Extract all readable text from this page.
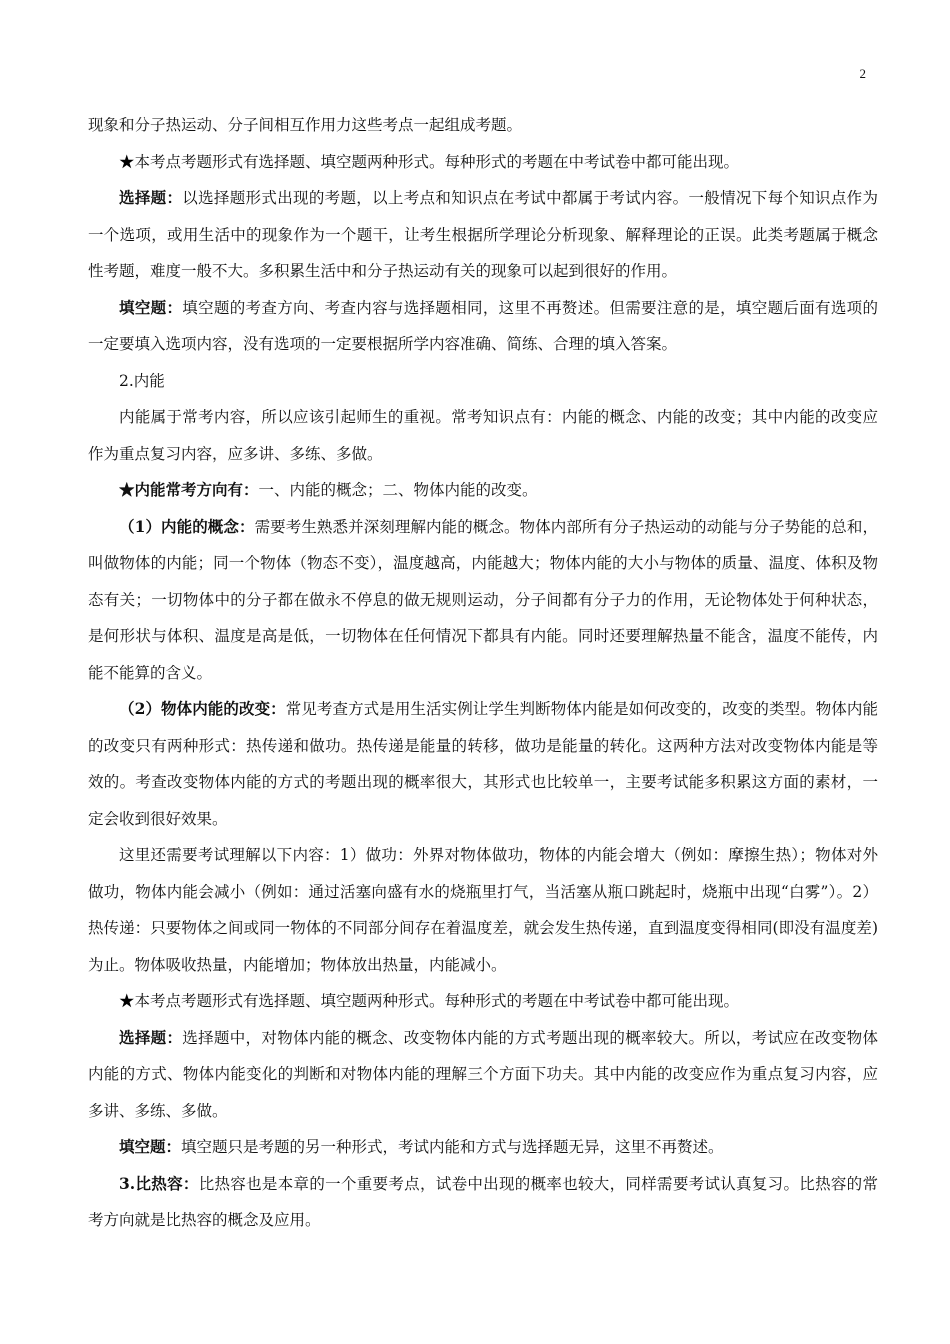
2

现象和分子热运动、分子间相互作用力这些考点一起组成考题。

★本考点考题形式有选择题、填空题两种形式。每种形式的考题在中考试卷中都可能出现。

选择题：以选择题形式出现的考题，以上考点和知识点在考试中都属于考试内容。一般情况下每个知识点作为一个选项，或用生活中的现象作为一个题干，让考生根据所学理论分析现象、解释理论的正误。此类考题属于概念性考题，难度一般不大。多积累生活中和分子热运动有关的现象可以起到很好的作用。

填空题：填空题的考查方向、考查内容与选择题相同，这里不再赘述。但需要注意的是，填空题后面有选项的一定要填入选项内容，没有选项的一定要根据所学内容准确、简练、合理的填入答案。

2.内能

内能属于常考内容，所以应该引起师生的重视。常考知识点有：内能的概念、内能的改变；其中内能的改变应作为重点复习内容，应多讲、多练、多做。

★内能常考方向有：一、内能的概念；二、物体内能的改变。

（1）内能的概念：需要考生熟悉并深刻理解内能的概念。物体内部所有分子热运动的动能与分子势能的总和，叫做物体的内能；同一个物体（物态不变），温度越高，内能越大；物体内能的大小与物体的质量、温度、体积及物态有关；一切物体中的分子都在做永不停息的做无规则运动，分子间都有分子力的作用，无论物体处于何种状态，是何形状与体积、温度是高是低，一切物体在任何情况下都具有内能。同时还要理解热量不能含，温度不能传，内能不能算的含义。

（2）物体内能的改变：常见考查方式是用生活实例让学生判断物体内能是如何改变的，改变的类型。物体内能的改变只有两种形式：热传递和做功。热传递是能量的转移，做功是能量的转化。这两种方法对改变物体内能是等效的。考查改变物体内能的方式的考题出现的概率很大，其形式也比较单一，主要考试能多积累这方面的素材，一定会收到很好效果。

这里还需要考试理解以下内容：1）做功：外界对物体做功，物体的内能会增大（例如：摩擦生热）；物体对外做功，物体内能会减小（例如：通过活塞向盛有水的烧瓶里打气，当活塞从瓶口跳起时，烧瓶中出现“白雾”）。2）热传递：只要物体之间或同一物体的不同部分间存在着温度差，就会发生热传递，直到温度变得相同(即没有温度差)为止。物体吸收热量，内能增加；物体放出热量，内能减小。

★本考点考题形式有选择题、填空题两种形式。每种形式的考题在中考试卷中都可能出现。

选择题：选择题中，对物体内能的概念、改变物体内能的方式考题出现的概率较大。所以，考试应在改变物体内能的方式、物体内能变化的判断和对物体内能的理解三个方面下功夫。其中内能的改变应作为重点复习内容，应多讲、多练、多做。

填空题：填空题只是考题的另一种形式，考试内能和方式与选择题无异，这里不再赘述。

3.比热容：比热容也是本章的一个重要考点，试卷中出现的概率也较大，同样需要考试认真复习。比热容的常考方向就是比热容的概念及应用。
